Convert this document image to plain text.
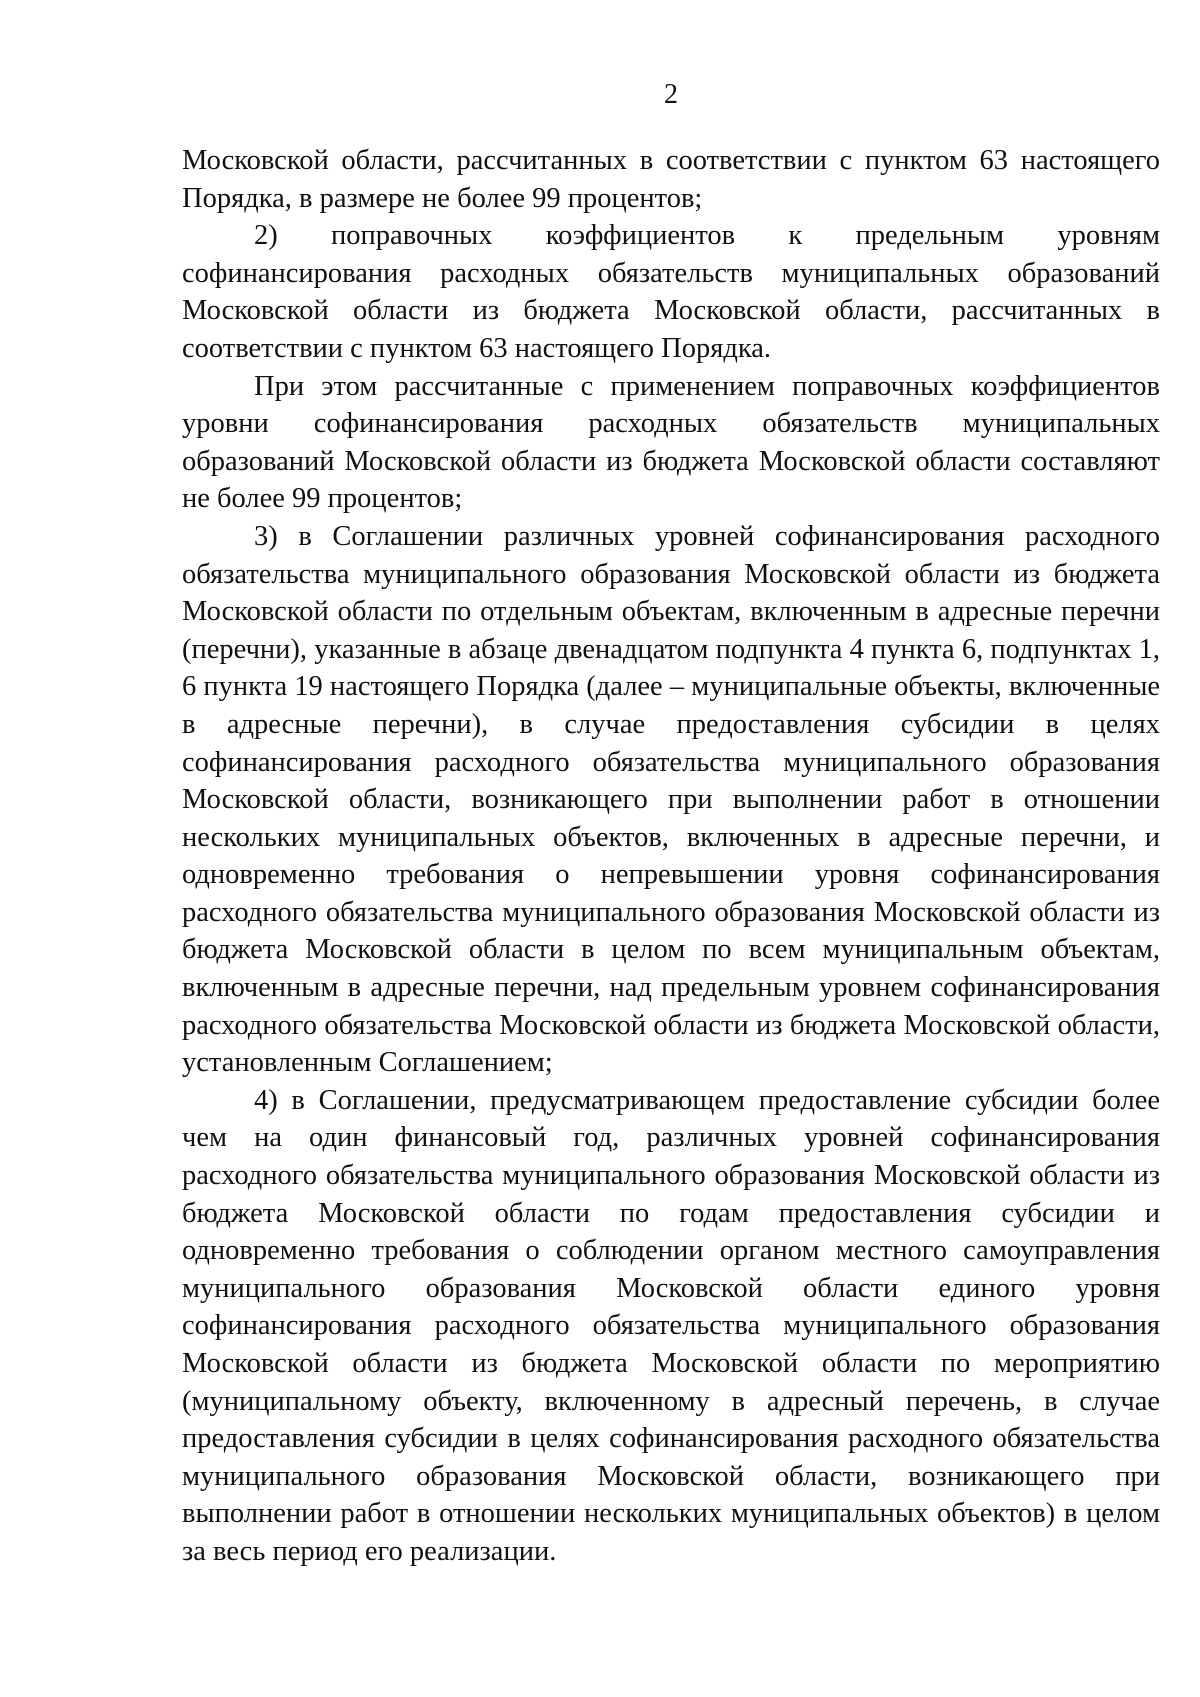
2

Московской области, рассчитанных в соответствии с пунктом 63 настоящего Порядка, в размере не более 99 процентов;

2) поправочных коэффициентов к предельным уровням софинансирования расходных обязательств муниципальных образований Московской области из бюджета Московской области, рассчитанных в соответствии с пунктом 63 настоящего Порядка.

При этом рассчитанные с применением поправочных коэффициентов уровни софинансирования расходных обязательств муниципальных образований Московской области из бюджета Московской области составляют не более 99 процентов;

3) в Соглашении различных уровней софинансирования расходного обязательства муниципального образования Московской области из бюджета Московской области по отдельным объектам, включенным в адресные перечни (перечни), указанные в абзаце двенадцатом подпункта 4 пункта 6, подпунктах 1, 6 пункта 19 настоящего Порядка (далее – муниципальные объекты, включенные в адресные перечни), в случае предоставления субсидии в целях софинансирования расходного обязательства муниципального образования Московской области, возникающего при выполнении работ в отношении нескольких муниципальных объектов, включенных в адресные перечни, и одновременно требования о непревышении уровня софинансирования расходного обязательства муниципального образования Московской области из бюджета Московской области в целом по всем муниципальным объектам, включенным в адресные перечни, над предельным уровнем софинансирования расходного обязательства Московской области из бюджета Московской области, установленным Соглашением;

4) в Соглашении, предусматривающем предоставление субсидии более чем на один финансовый год, различных уровней софинансирования расходного обязательства муниципального образования Московской области из бюджета Московской области по годам предоставления субсидии и одновременно требования о соблюдении органом местного самоуправления муниципального образования Московской области единого уровня софинансирования расходного обязательства муниципального образования Московской области из бюджета Московской области по мероприятию (муниципальному объекту, включенному в адресный перечень, в случае предоставления субсидии в целях софинансирования расходного обязательства муниципального образования Московской области, возникающего при выполнении работ в отношении нескольких муниципальных объектов) в целом за весь период его реализации.
